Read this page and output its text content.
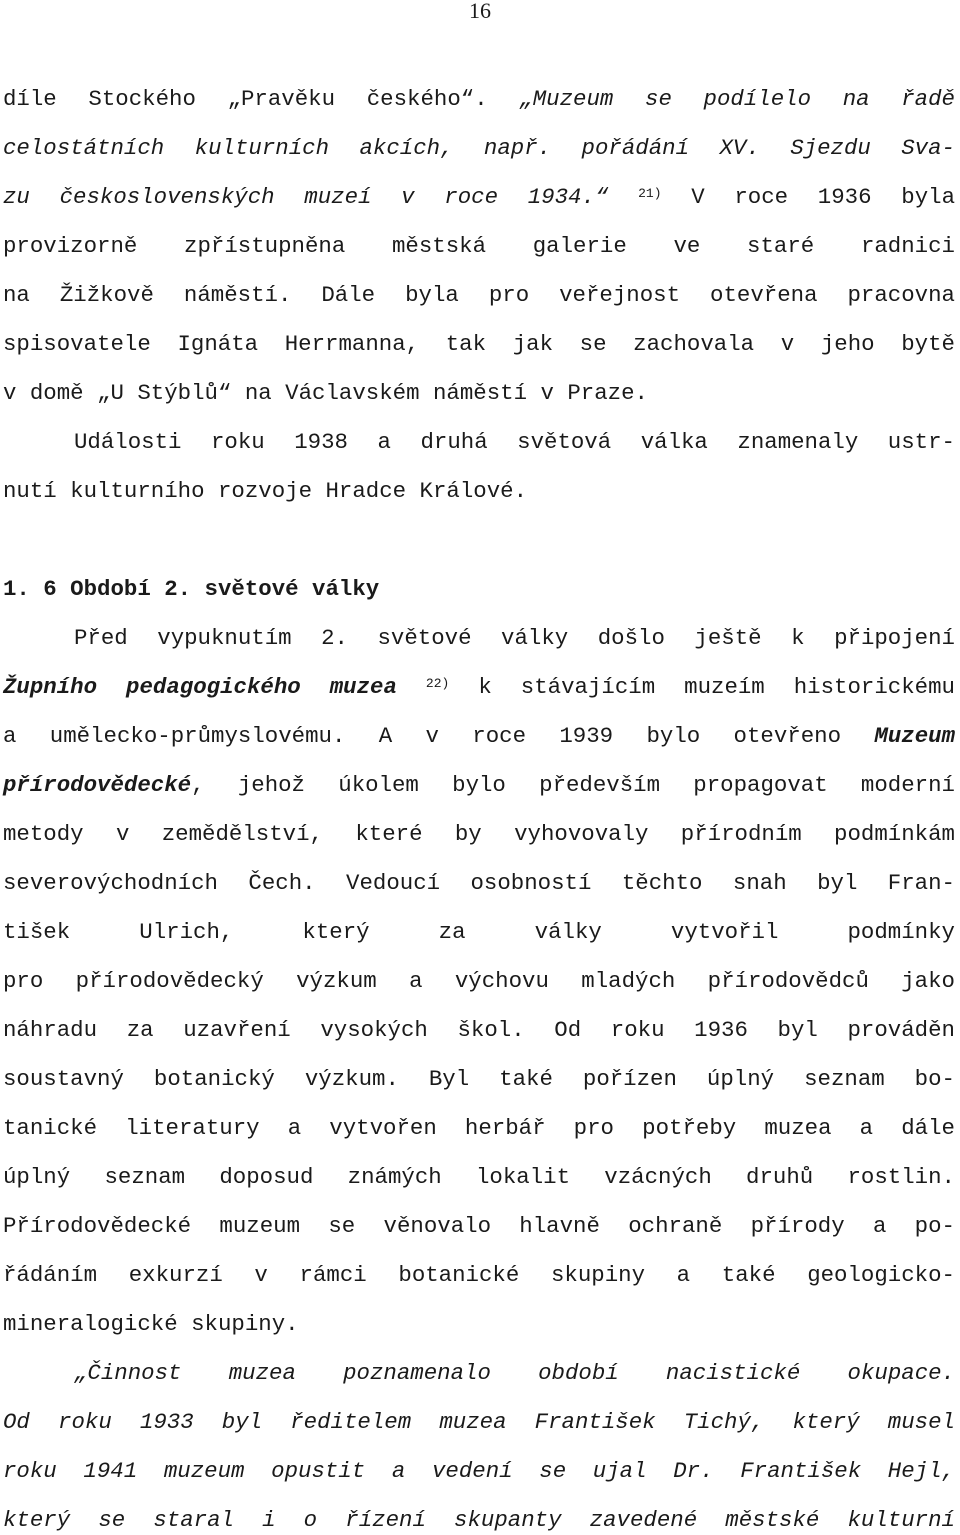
16
díle Stockého „Pravěku českého“. „Muzeum se podílelo na řadě
celostátních kulturních akcích, např. pořádání XV. Sjezdu Sva-
zu československých muzeí v roce 1934.“ $^{21)}$ V roce 1936 byla
provizorně zpřístupněna městská galerie ve staré radnici
na Žižkově náměstí. Dále byla pro veřejnost otevřena pracovna
spisovatele Ignáta Herrmanna, tak jak se zachovala v jeho bytě
v domě „U Stýblů“ na Václavském náměstí v Praze.
Události roku 1938 a druhá světová válka znamenaly ustr-
nutí kulturního rozvoje Hradce Králové.
1. 6 Období 2. světové války
Před vypuknutím 2. světové války došlo ještě k připojení
Župního pedagogického muzea $^{22)}$ k stávajícím muzeím historickému
a umělecko-průmyslovému. A v roce 1939 bylo otevřeno Muzeum
přírodovědecké, jehož úkolem bylo především propagovat moderní
metody v zemědělství, které by vyhovovaly přírodním podmínkám
severovýchodních Čech. Vedoucí osobností těchto snah byl Fran-
tišek Ulrich, který za války vytvořil podmínky
pro přírodovědecký výzkum a výchovu mladých přírodovědců jako
náhradu za uzavření vysokých škol. Od roku 1936 byl prováděn
soustavný botanický výzkum. Byl také pořízen úplný seznam bo-
tanické literatury a vytvořen herbář pro potřeby muzea a dále
úplný seznam doposud známých lokalit vzácných druhů rostlin.
Přírodovědecké muzeum se věnovalo hlavně ochraně přírody a po-
řádáním exkurzí v rámci botanické skupiny a také geologicko-
mineralogické skupiny.
„Činnost muzea poznamenalo období nacistické okupace.
Od roku 1933 byl ředitelem muzea František Tichý, který musel
roku 1941 muzeum opustit a vedení se ujal Dr. František Hejl,
který se staral i o řízení skupanty zavedené městské kulturní
